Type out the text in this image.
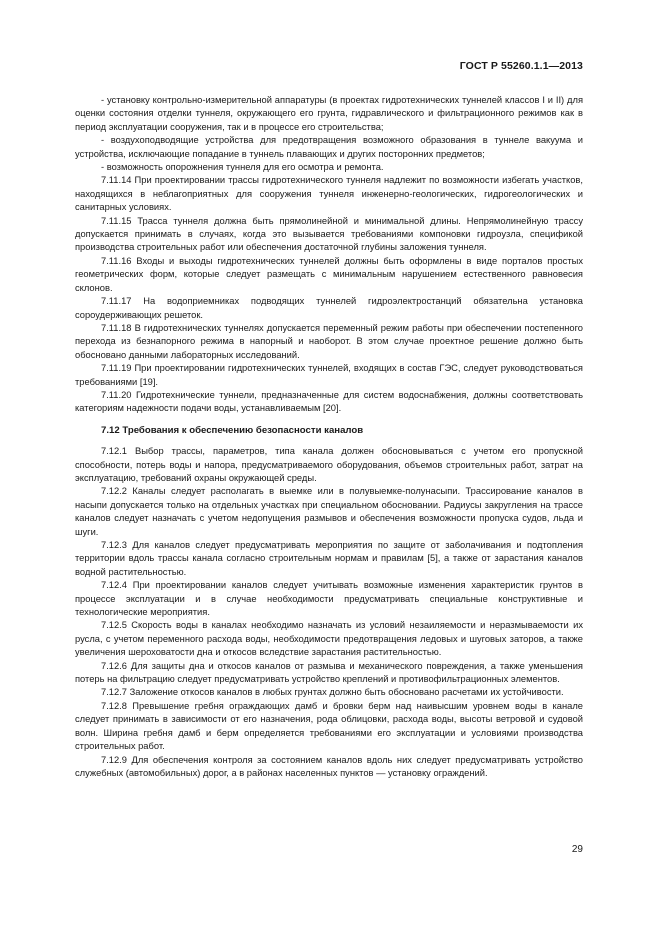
ГОСТ Р 55260.1.1—2013

- установку контрольно-измерительной аппаратуры (в проектах гидротехнических туннелей классов I и II) для оценки состояния отделки туннеля, окружающего его грунта, гидравлического и фильтрационного режимов как в период эксплуатации сооружения, так и в процессе его строительства;

- воздухоподводящие устройства для предотвращения возможного образования в туннеле вакуума и устройства, исключающие попадание в туннель плавающих и других посторонних предметов;

- возможность опорожнения туннеля для его осмотра и ремонта.

7.11.14 При проектировании трассы гидротехнического туннеля надлежит по возможности избегать участков, находящихся в неблагоприятных для сооружения туннеля инженерно-геологических, гидрогеологических и санитарных условиях.

7.11.15 Трасса туннеля должна быть прямолинейной и минимальной длины. Непрямолинейную трассу допускается принимать в случаях, когда это вызывается требованиями компоновки гидроузла, спецификой производства строительных работ или обеспечения достаточной глубины заложения туннеля.

7.11.16 Входы и выходы гидротехнических туннелей должны быть оформлены в виде порталов простых геометрических форм, которые следует размещать с минимальным нарушением естественного равновесия склонов.

7.11.17 На водоприемниках подводящих туннелей гидроэлектростанций обязательна установка сороудерживающих решеток.

7.11.18 В гидротехнических туннелях допускается переменный режим работы при обеспечении постепенного перехода из безнапорного режима в напорный и наоборот. В этом случае проектное решение должно быть обосновано данными лабораторных исследований.

7.11.19 При проектировании гидротехнических туннелей, входящих в состав ГЭС, следует руководствоваться требованиями [19].

7.11.20 Гидротехнические туннели, предназначенные для систем водоснабжения, должны соответствовать категориям надежности подачи воды, устанавливаемым [20].

7.12 Требования к обеспечению безопасности каналов

7.12.1 Выбор трассы, параметров, типа канала должен обосновываться с учетом его пропускной способности, потерь воды и напора, предусматриваемого оборудования, объемов строительных работ, затрат на эксплуатацию, требований охраны окружающей среды.

7.12.2 Каналы следует располагать в выемке или в полувыемке-полунасыпи. Трассирование каналов в насыпи допускается только на отдельных участках при специальном обосновании. Радиусы закругления на трассе каналов следует назначать с учетом недопущения размывов и обеспечения возможности пропуска судов, льда и шуги.

7.12.3 Для каналов следует предусматривать мероприятия по защите от заболачивания и подтопления территории вдоль трассы канала согласно строительным нормам и правилам [5], а также от зарастания каналов водной растительностью.

7.12.4 При проектировании каналов следует учитывать возможные изменения характеристик грунтов в процессе эксплуатации и в случае необходимости предусматривать специальные конструктивные и технологические мероприятия.

7.12.5 Скорость воды в каналах необходимо назначать из условий незаиляемости и неразмываемости их русла, с учетом переменного расхода воды, необходимости предотвращения ледовых и шуговых заторов, а также увеличения шероховатости дна и откосов вследствие зарастания растительностью.

7.12.6 Для защиты дна и откосов каналов от размыва и механического повреждения, а также уменьшения потерь на фильтрацию следует предусматривать устройство креплений и противофильтрационных элементов.

7.12.7 Заложение откосов каналов в любых грунтах должно быть обосновано расчетами их устойчивости.

7.12.8 Превышение гребня ограждающих дамб и бровки берм над наивысшим уровнем воды в канале следует принимать в зависимости от его назначения, рода облицовки, расхода воды, высоты ветровой и судовой волн. Ширина гребня дамб и берм определяется требованиями его эксплуатации и условиями производства строительных работ.

7.12.9 Для обеспечения контроля за состоянием каналов вдоль них следует предусматривать устройство служебных (автомобильных) дорог, а в районах населенных пунктов — установку ограждений.

29
